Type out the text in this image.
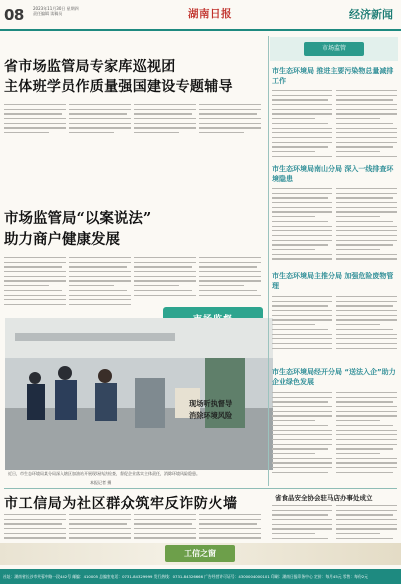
08 2023年11月30日 星期四
责任编辑 读稿员	湖南日报	经济新闻
市场监管
省市场监管局专家库巡视团
主体班学员作质量强国建设专题辅导
市场监管局“以案说法”
助力商户健康发展
现场听执督导
消除环境风险
近日，市生态环境局某分局深入辖区加油站开展现场执法检查，督促企业落实主体责任，消除环境风险隐患。
本报记者 摄
市生态环境局 推进主要污染物总量减排工作
市生态环境局南山分局 深入一线排查环境隐患
市生态环境局主推分局 加强危险废物管理
市生态环境局经开分局 “送法入企”助力企业绿色发展
市工信局为社区群众筑牢反诈防火墙	省食品安全协会驻马店办事处成立
工信之窗
社址：湖南省长沙市芙蓉中路一段442号 邮编：410005 总编室电话：0731-84329999 发行热线：0731-84326666 广告经营许可证号：4300004000101 印刷：湖南日报印务中心 定价：每月45元 零售：每份2元
